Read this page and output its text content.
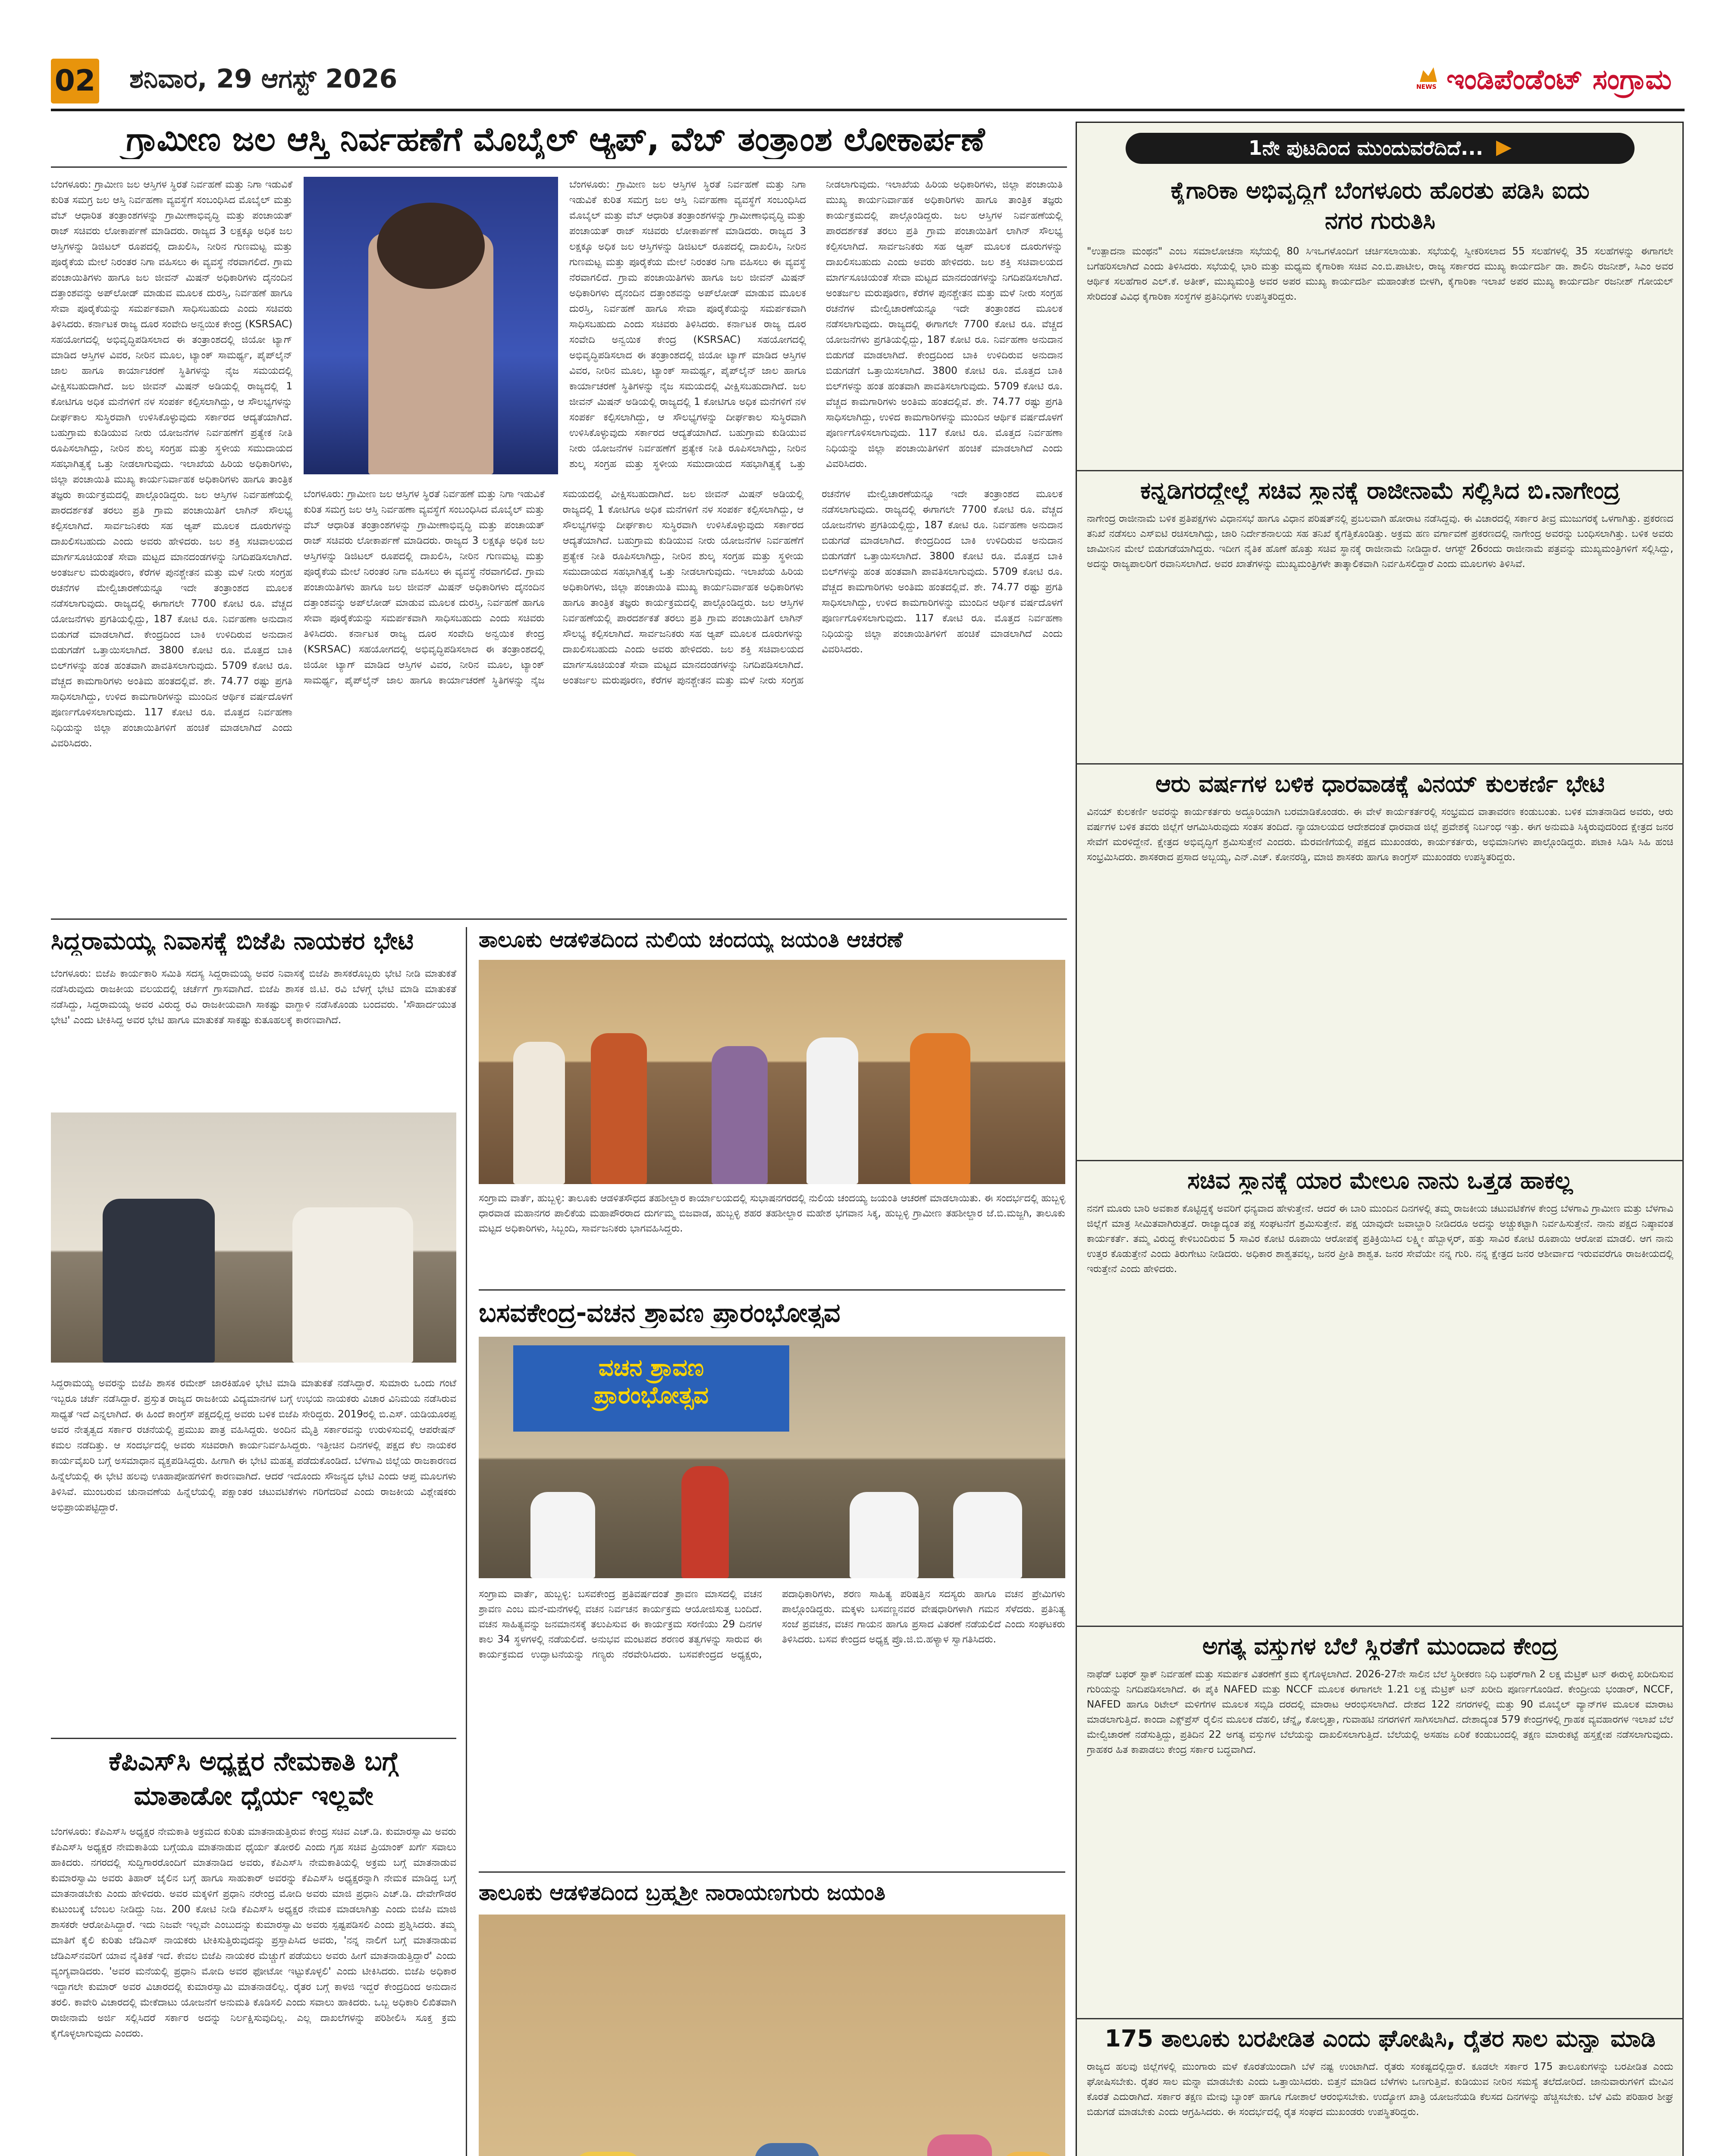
02 ಶನಿವಾರ, 29 ಆಗಸ್ಟ್ 2026
NEWS	ಇಂಡಿಪೆಂಡೆಂಟ್ ಸಂಗ್ರಾಮ
ಗ್ರಾಮೀಣ ಜಲ ಆಸ್ತಿ ನಿರ್ವಹಣೆಗೆ ಮೊಬೈಲ್ ಆ್ಯಪ್, ವೆಬ್ ತಂತ್ರಾಂಶ ಲೋಕಾರ್ಪಣೆ
ಬೆಂಗಳೂರು: ಗ್ರಾಮೀಣ ಜಲ ಆಸ್ತಿಗಳ ಸ್ಥಿರತೆ ನಿರ್ವಹಣೆ ಮತ್ತು ನಿಗಾ ಇಡುವಿಕೆ ಕುರಿತ ಸಮಗ್ರ ಜಲ ಆಸ್ತಿ ನಿರ್ವಹಣಾ ವ್ಯವಸ್ಥೆಗೆ ಸಂಬಂಧಿಸಿದ ಮೊಬೈಲ್ ಮತ್ತು ವೆಬ್ ಆಧಾರಿತ ತಂತ್ರಾಂಶಗಳನ್ನು ಗ್ರಾಮೀಣಾಭಿವೃದ್ಧಿ ಮತ್ತು ಪಂಚಾಯತ್ ರಾಜ್ ಸಚಿವರು ಲೋಕಾರ್ಪಣೆ ಮಾಡಿದರು. ರಾಜ್ಯದ 3 ಲಕ್ಷಕ್ಕೂ ಅಧಿಕ ಜಲ ಆಸ್ತಿಗಳನ್ನು ಡಿಜಿಟಲ್ ರೂಪದಲ್ಲಿ ದಾಖಲಿಸಿ, ನೀರಿನ ಗುಣಮಟ್ಟ ಮತ್ತು ಪೂರೈಕೆಯ ಮೇಲೆ ನಿರಂತರ ನಿಗಾ ವಹಿಸಲು ಈ ವ್ಯವಸ್ಥೆ ನೆರವಾಗಲಿದೆ. ಗ್ರಾಮ ಪಂಚಾಯಿತಿಗಳು ಹಾಗೂ ಜಲ ಜೀವನ್ ಮಿಷನ್ ಅಧಿಕಾರಿಗಳು ದೈನಂದಿನ ದತ್ತಾಂಶವನ್ನು ಅಪ್‌ಲೋಡ್ ಮಾಡುವ ಮೂಲಕ ದುರಸ್ತಿ, ನಿರ್ವಹಣೆ ಹಾಗೂ ಸೇವಾ ಪೂರೈಕೆಯನ್ನು ಸಮರ್ಪಕವಾಗಿ ಸಾಧಿಸಬಹುದು ಎಂದು ಸಚಿವರು ತಿಳಿಸಿದರು. ಕರ್ನಾಟಕ ರಾಜ್ಯ ದೂರ ಸಂವೇದಿ ಅನ್ವಯಿಕ ಕೇಂದ್ರ (KSRSAC) ಸಹಯೋಗದಲ್ಲಿ ಅಭಿವೃದ್ಧಿಪಡಿಸಲಾದ ಈ ತಂತ್ರಾಂಶದಲ್ಲಿ ಜಿಯೋ ಟ್ಯಾಗ್ ಮಾಡಿದ ಆಸ್ತಿಗಳ ವಿವರ, ನೀರಿನ ಮೂಲ, ಟ್ಯಾಂಕ್ ಸಾಮರ್ಥ್ಯ, ಪೈಪ್‌ಲೈನ್ ಜಾಲ ಹಾಗೂ ಕಾರ್ಯಾಚರಣೆ ಸ್ಥಿತಿಗಳನ್ನು ನೈಜ ಸಮಯದಲ್ಲಿ ವೀಕ್ಷಿಸಬಹುದಾಗಿದೆ. ಜಲ ಜೀವನ್ ಮಿಷನ್ ಅಡಿಯಲ್ಲಿ ರಾಜ್ಯದಲ್ಲಿ 1 ಕೋಟಿಗೂ ಅಧಿಕ ಮನೆಗಳಿಗೆ ನಳ ಸಂಪರ್ಕ ಕಲ್ಪಿಸಲಾಗಿದ್ದು, ಆ ಸೌಲಭ್ಯಗಳನ್ನು ದೀರ್ಘಕಾಲ ಸುಸ್ಥಿರವಾಗಿ ಉಳಿಸಿಕೊಳ್ಳುವುದು ಸರ್ಕಾರದ ಆದ್ಯತೆಯಾಗಿದೆ. ಬಹುಗ್ರಾಮ ಕುಡಿಯುವ ನೀರು ಯೋಜನೆಗಳ ನಿರ್ವಹಣೆಗೆ ಪ್ರತ್ಯೇಕ ನೀತಿ ರೂಪಿಸಲಾಗಿದ್ದು, ನೀರಿನ ಶುಲ್ಕ ಸಂಗ್ರಹ ಮತ್ತು ಸ್ಥಳೀಯ ಸಮುದಾಯದ ಸಹಭಾಗಿತ್ವಕ್ಕೆ ಒತ್ತು ನೀಡಲಾಗುವುದು. ಇಲಾಖೆಯ ಹಿರಿಯ ಅಧಿಕಾರಿಗಳು, ಜಿಲ್ಲಾ ಪಂಚಾಯಿತಿ ಮುಖ್ಯ ಕಾರ್ಯನಿರ್ವಾಹಕ ಅಧಿಕಾರಿಗಳು ಹಾಗೂ ತಾಂತ್ರಿಕ ತಜ್ಞರು ಕಾರ್ಯಕ್ರಮದಲ್ಲಿ ಪಾಲ್ಗೊಂಡಿದ್ದರು. ಜಲ ಆಸ್ತಿಗಳ ನಿರ್ವಹಣೆಯಲ್ಲಿ ಪಾರದರ್ಶಕತೆ ತರಲು ಪ್ರತಿ ಗ್ರಾಮ ಪಂಚಾಯಿತಿಗೆ ಲಾಗಿನ್ ಸೌಲಭ್ಯ ಕಲ್ಪಿಸಲಾಗಿದೆ. ಸಾರ್ವಜನಿಕರು ಸಹ ಆ್ಯಪ್ ಮೂಲಕ ದೂರುಗಳನ್ನು ದಾಖಲಿಸಬಹುದು ಎಂದು ಅವರು ಹೇಳಿದರು. ಜಲ ಶಕ್ತಿ ಸಚಿವಾಲಯದ ಮಾರ್ಗಸೂಚಿಯಂತೆ ಸೇವಾ ಮಟ್ಟದ ಮಾನದಂಡಗಳನ್ನು ನಿಗದಿಪಡಿಸಲಾಗಿದೆ. ಅಂತರ್ಜಲ ಮರುಪೂರಣ, ಕೆರೆಗಳ ಪುನಶ್ಚೇತನ ಮತ್ತು ಮಳೆ ನೀರು ಸಂಗ್ರಹ ರಚನೆಗಳ ಮೇಲ್ವಿಚಾರಣೆಯನ್ನೂ ಇದೇ ತಂತ್ರಾಂಶದ ಮೂಲಕ ನಡೆಸಲಾಗುವುದು. ರಾಜ್ಯದಲ್ಲಿ ಈಗಾಗಲೇ 7700 ಕೋಟಿ ರೂ. ವೆಚ್ಚದ ಯೋಜನೆಗಳು ಪ್ರಗತಿಯಲ್ಲಿದ್ದು, 187 ಕೋಟಿ ರೂ. ನಿರ್ವಹಣಾ ಅನುದಾನ ಬಿಡುಗಡೆ ಮಾಡಲಾಗಿದೆ. ಕೇಂದ್ರದಿಂದ ಬಾಕಿ ಉಳಿದಿರುವ ಅನುದಾನ ಬಿಡುಗಡೆಗೆ ಒತ್ತಾಯಿಸಲಾಗಿದೆ. 3800 ಕೋಟಿ ರೂ. ಮೊತ್ತದ ಬಾಕಿ ಬಿಲ್‌ಗಳನ್ನು ಹಂತ ಹಂತವಾಗಿ ಪಾವತಿಸಲಾಗುವುದು. 5709 ಕೋಟಿ ರೂ. ವೆಚ್ಚದ ಕಾಮಗಾರಿಗಳು ಅಂತಿಮ ಹಂತದಲ್ಲಿವೆ. ಶೇ. 74.77 ರಷ್ಟು ಪ್ರಗತಿ ಸಾಧಿಸಲಾಗಿದ್ದು, ಉಳಿದ ಕಾಮಗಾರಿಗಳನ್ನು ಮುಂದಿನ ಆರ್ಥಿಕ ವರ್ಷದೊಳಗೆ ಪೂರ್ಣಗೊಳಿಸಲಾಗುವುದು. 117 ಕೋಟಿ ರೂ. ಮೊತ್ತದ ನಿರ್ವಹಣಾ ನಿಧಿಯನ್ನು ಜಿಲ್ಲಾ ಪಂಚಾಯಿತಿಗಳಿಗೆ ಹಂಚಿಕೆ ಮಾಡಲಾಗಿದೆ ಎಂದು ವಿವರಿಸಿದರು.
ಬೆಂಗಳೂರು: ಗ್ರಾಮೀಣ ಜಲ ಆಸ್ತಿಗಳ ಸ್ಥಿರತೆ ನಿರ್ವಹಣೆ ಮತ್ತು ನಿಗಾ ಇಡುವಿಕೆ ಕುರಿತ ಸಮಗ್ರ ಜಲ ಆಸ್ತಿ ನಿರ್ವಹಣಾ ವ್ಯವಸ್ಥೆಗೆ ಸಂಬಂಧಿಸಿದ ಮೊಬೈಲ್ ಮತ್ತು ವೆಬ್ ಆಧಾರಿತ ತಂತ್ರಾಂಶಗಳನ್ನು ಗ್ರಾಮೀಣಾಭಿವೃದ್ಧಿ ಮತ್ತು ಪಂಚಾಯತ್ ರಾಜ್ ಸಚಿವರು ಲೋಕಾರ್ಪಣೆ ಮಾಡಿದರು. ರಾಜ್ಯದ 3 ಲಕ್ಷಕ್ಕೂ ಅಧಿಕ ಜಲ ಆಸ್ತಿಗಳನ್ನು ಡಿಜಿಟಲ್ ರೂಪದಲ್ಲಿ ದಾಖಲಿಸಿ, ನೀರಿನ ಗುಣಮಟ್ಟ ಮತ್ತು ಪೂರೈಕೆಯ ಮೇಲೆ ನಿರಂತರ ನಿಗಾ ವಹಿಸಲು ಈ ವ್ಯವಸ್ಥೆ ನೆರವಾಗಲಿದೆ. ಗ್ರಾಮ ಪಂಚಾಯಿತಿಗಳು ಹಾಗೂ ಜಲ ಜೀವನ್ ಮಿಷನ್ ಅಧಿಕಾರಿಗಳು ದೈನಂದಿನ ದತ್ತಾಂಶವನ್ನು ಅಪ್‌ಲೋಡ್ ಮಾಡುವ ಮೂಲಕ ದುರಸ್ತಿ, ನಿರ್ವಹಣೆ ಹಾಗೂ ಸೇವಾ ಪೂರೈಕೆಯನ್ನು ಸಮರ್ಪಕವಾಗಿ ಸಾಧಿಸಬಹುದು ಎಂದು ಸಚಿವರು ತಿಳಿಸಿದರು. ಕರ್ನಾಟಕ ರಾಜ್ಯ ದೂರ ಸಂವೇದಿ ಅನ್ವಯಿಕ ಕೇಂದ್ರ (KSRSAC) ಸಹಯೋಗದಲ್ಲಿ ಅಭಿವೃದ್ಧಿಪಡಿಸಲಾದ ಈ ತಂತ್ರಾಂಶದಲ್ಲಿ ಜಿಯೋ ಟ್ಯಾಗ್ ಮಾಡಿದ ಆಸ್ತಿಗಳ ವಿವರ, ನೀರಿನ ಮೂಲ, ಟ್ಯಾಂಕ್ ಸಾಮರ್ಥ್ಯ, ಪೈಪ್‌ಲೈನ್ ಜಾಲ ಹಾಗೂ ಕಾರ್ಯಾಚರಣೆ ಸ್ಥಿತಿಗಳನ್ನು ನೈಜ ಸಮಯದಲ್ಲಿ ವೀಕ್ಷಿಸಬಹುದಾಗಿದೆ. ಜಲ ಜೀವನ್ ಮಿಷನ್ ಅಡಿಯಲ್ಲಿ ರಾಜ್ಯದಲ್ಲಿ 1 ಕೋಟಿಗೂ ಅಧಿಕ ಮನೆಗಳಿಗೆ ನಳ ಸಂಪರ್ಕ ಕಲ್ಪಿಸಲಾಗಿದ್ದು, ಆ ಸೌಲಭ್ಯಗಳನ್ನು ದೀರ್ಘಕಾಲ ಸುಸ್ಥಿರವಾಗಿ ಉಳಿಸಿಕೊಳ್ಳುವುದು ಸರ್ಕಾರದ ಆದ್ಯತೆಯಾಗಿದೆ. ಬಹುಗ್ರಾಮ ಕುಡಿಯುವ ನೀರು ಯೋಜನೆಗಳ ನಿರ್ವಹಣೆಗೆ ಪ್ರತ್ಯೇಕ ನೀತಿ ರೂಪಿಸಲಾಗಿದ್ದು, ನೀರಿನ ಶುಲ್ಕ ಸಂಗ್ರಹ ಮತ್ತು ಸ್ಥಳೀಯ ಸಮುದಾಯದ ಸಹಭಾಗಿತ್ವಕ್ಕೆ ಒತ್ತು ನೀಡಲಾಗುವುದು. ಇಲಾಖೆಯ ಹಿರಿಯ ಅಧಿಕಾರಿಗಳು, ಜಿಲ್ಲಾ ಪಂಚಾಯಿತಿ ಮುಖ್ಯ ಕಾರ್ಯನಿರ್ವಾಹಕ ಅಧಿಕಾರಿಗಳು ಹಾಗೂ ತಾಂತ್ರಿಕ ತಜ್ಞರು ಕಾರ್ಯಕ್ರಮದಲ್ಲಿ ಪಾಲ್ಗೊಂಡಿದ್ದರು. ಜಲ ಆಸ್ತಿಗಳ ನಿರ್ವಹಣೆಯಲ್ಲಿ ಪಾರದರ್ಶಕತೆ ತರಲು ಪ್ರತಿ ಗ್ರಾಮ ಪಂಚಾಯಿತಿಗೆ ಲಾಗಿನ್ ಸೌಲಭ್ಯ ಕಲ್ಪಿಸಲಾಗಿದೆ. ಸಾರ್ವಜನಿಕರು ಸಹ ಆ್ಯಪ್ ಮೂಲಕ ದೂರುಗಳನ್ನು ದಾಖಲಿಸಬಹುದು ಎಂದು ಅವರು ಹೇಳಿದರು. ಜಲ ಶಕ್ತಿ ಸಚಿವಾಲಯದ ಮಾರ್ಗಸೂಚಿಯಂತೆ ಸೇವಾ ಮಟ್ಟದ ಮಾನದಂಡಗಳನ್ನು ನಿಗದಿಪಡಿಸಲಾಗಿದೆ. ಅಂತರ್ಜಲ ಮರುಪೂರಣ, ಕೆರೆಗಳ ಪುನಶ್ಚೇತನ ಮತ್ತು ಮಳೆ ನೀರು ಸಂಗ್ರಹ ರಚನೆಗಳ ಮೇಲ್ವಿಚಾರಣೆಯನ್ನೂ ಇದೇ ತಂತ್ರಾಂಶದ ಮೂಲಕ ನಡೆಸಲಾಗುವುದು. ರಾಜ್ಯದಲ್ಲಿ ಈಗಾಗಲೇ 7700 ಕೋಟಿ ರೂ. ವೆಚ್ಚದ ಯೋಜನೆಗಳು ಪ್ರಗತಿಯಲ್ಲಿದ್ದು, 187 ಕೋಟಿ ರೂ. ನಿರ್ವಹಣಾ ಅನುದಾನ ಬಿಡುಗಡೆ ಮಾಡಲಾಗಿದೆ. ಕೇಂದ್ರದಿಂದ ಬಾಕಿ ಉಳಿದಿರುವ ಅನುದಾನ ಬಿಡುಗಡೆಗೆ ಒತ್ತಾಯಿಸಲಾಗಿದೆ. 3800 ಕೋಟಿ ರೂ. ಮೊತ್ತದ ಬಾಕಿ ಬಿಲ್‌ಗಳನ್ನು ಹಂತ ಹಂತವಾಗಿ ಪಾವತಿಸಲಾಗುವುದು. 5709 ಕೋಟಿ ರೂ. ವೆಚ್ಚದ ಕಾಮಗಾರಿಗಳು ಅಂತಿಮ ಹಂತದಲ್ಲಿವೆ. ಶೇ. 74.77 ರಷ್ಟು ಪ್ರಗತಿ ಸಾಧಿಸಲಾಗಿದ್ದು, ಉಳಿದ ಕಾಮಗಾರಿಗಳನ್ನು ಮುಂದಿನ ಆರ್ಥಿಕ ವರ್ಷದೊಳಗೆ ಪೂರ್ಣಗೊಳಿಸಲಾಗುವುದು. 117 ಕೋಟಿ ರೂ. ಮೊತ್ತದ ನಿರ್ವಹಣಾ ನಿಧಿಯನ್ನು ಜಿಲ್ಲಾ ಪಂಚಾಯಿತಿಗಳಿಗೆ ಹಂಚಿಕೆ ಮಾಡಲಾಗಿದೆ ಎಂದು ವಿವರಿಸಿದರು.
ಬೆಂಗಳೂರು: ಗ್ರಾಮೀಣ ಜಲ ಆಸ್ತಿಗಳ ಸ್ಥಿರತೆ ನಿರ್ವಹಣೆ ಮತ್ತು ನಿಗಾ ಇಡುವಿಕೆ ಕುರಿತ ಸಮಗ್ರ ಜಲ ಆಸ್ತಿ ನಿರ್ವಹಣಾ ವ್ಯವಸ್ಥೆಗೆ ಸಂಬಂಧಿಸಿದ ಮೊಬೈಲ್ ಮತ್ತು ವೆಬ್ ಆಧಾರಿತ ತಂತ್ರಾಂಶಗಳನ್ನು ಗ್ರಾಮೀಣಾಭಿವೃದ್ಧಿ ಮತ್ತು ಪಂಚಾಯತ್ ರಾಜ್ ಸಚಿವರು ಲೋಕಾರ್ಪಣೆ ಮಾಡಿದರು. ರಾಜ್ಯದ 3 ಲಕ್ಷಕ್ಕೂ ಅಧಿಕ ಜಲ ಆಸ್ತಿಗಳನ್ನು ಡಿಜಿಟಲ್ ರೂಪದಲ್ಲಿ ದಾಖಲಿಸಿ, ನೀರಿನ ಗುಣಮಟ್ಟ ಮತ್ತು ಪೂರೈಕೆಯ ಮೇಲೆ ನಿರಂತರ ನಿಗಾ ವಹಿಸಲು ಈ ವ್ಯವಸ್ಥೆ ನೆರವಾಗಲಿದೆ. ಗ್ರಾಮ ಪಂಚಾಯಿತಿಗಳು ಹಾಗೂ ಜಲ ಜೀವನ್ ಮಿಷನ್ ಅಧಿಕಾರಿಗಳು ದೈನಂದಿನ ದತ್ತಾಂಶವನ್ನು ಅಪ್‌ಲೋಡ್ ಮಾಡುವ ಮೂಲಕ ದುರಸ್ತಿ, ನಿರ್ವಹಣೆ ಹಾಗೂ ಸೇವಾ ಪೂರೈಕೆಯನ್ನು ಸಮರ್ಪಕವಾಗಿ ಸಾಧಿಸಬಹುದು ಎಂದು ಸಚಿವರು ತಿಳಿಸಿದರು. ಕರ್ನಾಟಕ ರಾಜ್ಯ ದೂರ ಸಂವೇದಿ ಅನ್ವಯಿಕ ಕೇಂದ್ರ (KSRSAC) ಸಹಯೋಗದಲ್ಲಿ ಅಭಿವೃದ್ಧಿಪಡಿಸಲಾದ ಈ ತಂತ್ರಾಂಶದಲ್ಲಿ ಜಿಯೋ ಟ್ಯಾಗ್ ಮಾಡಿದ ಆಸ್ತಿಗಳ ವಿವರ, ನೀರಿನ ಮೂಲ, ಟ್ಯಾಂಕ್ ಸಾಮರ್ಥ್ಯ, ಪೈಪ್‌ಲೈನ್ ಜಾಲ ಹಾಗೂ ಕಾರ್ಯಾಚರಣೆ ಸ್ಥಿತಿಗಳನ್ನು ನೈಜ ಸಮಯದಲ್ಲಿ ವೀಕ್ಷಿಸಬಹುದಾಗಿದೆ. ಜಲ ಜೀವನ್ ಮಿಷನ್ ಅಡಿಯಲ್ಲಿ ರಾಜ್ಯದಲ್ಲಿ 1 ಕೋಟಿಗೂ ಅಧಿಕ ಮನೆಗಳಿಗೆ ನಳ ಸಂಪರ್ಕ ಕಲ್ಪಿಸಲಾಗಿದ್ದು, ಆ ಸೌಲಭ್ಯಗಳನ್ನು ದೀರ್ಘಕಾಲ ಸುಸ್ಥಿರವಾಗಿ ಉಳಿಸಿಕೊಳ್ಳುವುದು ಸರ್ಕಾರದ ಆದ್ಯತೆಯಾಗಿದೆ. ಬಹುಗ್ರಾಮ ಕುಡಿಯುವ ನೀರು ಯೋಜನೆಗಳ ನಿರ್ವಹಣೆಗೆ ಪ್ರತ್ಯೇಕ ನೀತಿ ರೂಪಿಸಲಾಗಿದ್ದು, ನೀರಿನ ಶುಲ್ಕ ಸಂಗ್ರಹ ಮತ್ತು ಸ್ಥಳೀಯ ಸಮುದಾಯದ ಸಹಭಾಗಿತ್ವಕ್ಕೆ ಒತ್ತು ನೀಡಲಾಗುವುದು. ಇಲಾಖೆಯ ಹಿರಿಯ ಅಧಿಕಾರಿಗಳು, ಜಿಲ್ಲಾ ಪಂಚಾಯಿತಿ ಮುಖ್ಯ ಕಾರ್ಯನಿರ್ವಾಹಕ ಅಧಿಕಾರಿಗಳು ಹಾಗೂ ತಾಂತ್ರಿಕ ತಜ್ಞರು ಕಾರ್ಯಕ್ರಮದಲ್ಲಿ ಪಾಲ್ಗೊಂಡಿದ್ದರು. ಜಲ ಆಸ್ತಿಗಳ ನಿರ್ವಹಣೆಯಲ್ಲಿ ಪಾರದರ್ಶಕತೆ ತರಲು ಪ್ರತಿ ಗ್ರಾಮ ಪಂಚಾಯಿತಿಗೆ ಲಾಗಿನ್ ಸೌಲಭ್ಯ ಕಲ್ಪಿಸಲಾಗಿದೆ. ಸಾರ್ವಜನಿಕರು ಸಹ ಆ್ಯಪ್ ಮೂಲಕ ದೂರುಗಳನ್ನು ದಾಖಲಿಸಬಹುದು ಎಂದು ಅವರು ಹೇಳಿದರು. ಜಲ ಶಕ್ತಿ ಸಚಿವಾಲಯದ ಮಾರ್ಗಸೂಚಿಯಂತೆ ಸೇವಾ ಮಟ್ಟದ ಮಾನದಂಡಗಳನ್ನು ನಿಗದಿಪಡಿಸಲಾಗಿದೆ. ಅಂತರ್ಜಲ ಮರುಪೂರಣ, ಕೆರೆಗಳ ಪುನಶ್ಚೇತನ ಮತ್ತು ಮಳೆ ನೀರು ಸಂಗ್ರಹ ರಚನೆಗಳ ಮೇಲ್ವಿಚಾರಣೆಯನ್ನೂ ಇದೇ ತಂತ್ರಾಂಶದ ಮೂಲಕ ನಡೆಸಲಾಗುವುದು. ರಾಜ್ಯದಲ್ಲಿ ಈಗಾಗಲೇ 7700 ಕೋಟಿ ರೂ. ವೆಚ್ಚದ ಯೋಜನೆಗಳು ಪ್ರಗತಿಯಲ್ಲಿದ್ದು, 187 ಕೋಟಿ ರೂ. ನಿರ್ವಹಣಾ ಅನುದಾನ ಬಿಡುಗಡೆ ಮಾಡಲಾಗಿದೆ. ಕೇಂದ್ರದಿಂದ ಬಾಕಿ ಉಳಿದಿರುವ ಅನುದಾನ ಬಿಡುಗಡೆಗೆ ಒತ್ತಾಯಿಸಲಾಗಿದೆ. 3800 ಕೋಟಿ ರೂ. ಮೊತ್ತದ ಬಾಕಿ ಬಿಲ್‌ಗಳನ್ನು ಹಂತ ಹಂತವಾಗಿ ಪಾವತಿಸಲಾಗುವುದು. 5709 ಕೋಟಿ ರೂ. ವೆಚ್ಚದ ಕಾಮಗಾರಿಗಳು ಅಂತಿಮ ಹಂತದಲ್ಲಿವೆ. ಶೇ. 74.77 ರಷ್ಟು ಪ್ರಗತಿ ಸಾಧಿಸಲಾಗಿದ್ದು, ಉಳಿದ ಕಾಮಗಾರಿಗಳನ್ನು ಮುಂದಿನ ಆರ್ಥಿಕ ವರ್ಷದೊಳಗೆ ಪೂರ್ಣಗೊಳಿಸಲಾಗುವುದು. 117 ಕೋಟಿ ರೂ. ಮೊತ್ತದ ನಿರ್ವಹಣಾ ನಿಧಿಯನ್ನು ಜಿಲ್ಲಾ ಪಂಚಾಯಿತಿಗಳಿಗೆ ಹಂಚಿಕೆ ಮಾಡಲಾಗಿದೆ ಎಂದು ವಿವರಿಸಿದರು.
ಸಿದ್ದರಾಮಯ್ಯ ನಿವಾಸಕ್ಕೆ ಬಿಜೆಪಿ ನಾಯಕರ ಭೇಟಿ
ಬೆಂಗಳೂರು: ಬಿಜೆಪಿ ಕಾರ್ಯಕಾರಿ ಸಮಿತಿ ಸದಸ್ಯ ಸಿದ್ದರಾಮಯ್ಯ ಅವರ ನಿವಾಸಕ್ಕೆ ಬಿಜೆಪಿ ಶಾಸಕರೊಬ್ಬರು ಭೇಟಿ ನೀಡಿ ಮಾತುಕತೆ ನಡೆಸಿರುವುದು ರಾಜಕೀಯ ವಲಯದಲ್ಲಿ ಚರ್ಚೆಗೆ ಗ್ರಾಸವಾಗಿದೆ. ಬಿಜೆಪಿ ಶಾಸಕ ಜಿ.ಟಿ. ರವಿ ಬೆಳಗ್ಗೆ ಭೇಟಿ ಮಾಡಿ ಮಾತುಕತೆ ನಡೆಸಿದ್ದು, ಸಿದ್ದರಾಮಯ್ಯ ಅವರ ವಿರುದ್ಧ ರವಿ ರಾಜಕೀಯವಾಗಿ ಸಾಕಷ್ಟು ವಾಗ್ದಾಳಿ ನಡೆಸಿಕೊಂಡು ಬಂದವರು. 'ಸೌಹಾರ್ದಯುತ ಭೇಟಿ' ಎಂದು ಟೀಕಿಸಿದ್ದ ಅವರ ಭೇಟಿ ಹಾಗೂ ಮಾತುಕತೆ ಸಾಕಷ್ಟು ಕುತೂಹಲಕ್ಕೆ ಕಾರಣವಾಗಿದೆ.
ಸಿದ್ದರಾಮಯ್ಯ ಅವರನ್ನು ಬಿಜೆಪಿ ಶಾಸಕ ರಮೇಶ್ ಜಾರಕಿಹೊಳಿ ಭೇಟಿ ಮಾಡಿ ಮಾತುಕತೆ ನಡೆಸಿದ್ದಾರೆ. ಸುಮಾರು ಒಂದು ಗಂಟೆ ಇಬ್ಬರೂ ಚರ್ಚೆ ನಡೆಸಿದ್ದಾರೆ. ಪ್ರಸ್ತುತ ರಾಜ್ಯದ ರಾಜಕೀಯ ವಿದ್ಯಮಾನಗಳ ಬಗ್ಗೆ ಉಭಯ ನಾಯಕರು ವಿಚಾರ ವಿನಿಮಯ ನಡೆಸಿರುವ ಸಾಧ್ಯತೆ ಇದೆ ಎನ್ನಲಾಗಿದೆ. ಈ ಹಿಂದೆ ಕಾಂಗ್ರೆಸ್ ಪಕ್ಷದಲ್ಲಿದ್ದ ಅವರು ಬಳಿಕ ಬಿಜೆಪಿ ಸೇರಿದ್ದರು. 2019ರಲ್ಲಿ ಬಿ.ಎಸ್. ಯಡಿಯೂರಪ್ಪ ಅವರ ನೇತೃತ್ವದ ಸರ್ಕಾರ ರಚನೆಯಲ್ಲಿ ಪ್ರಮುಖ ಪಾತ್ರ ವಹಿಸಿದ್ದರು. ಅಂದಿನ ಮೈತ್ರಿ ಸರ್ಕಾರವನ್ನು ಉರುಳಿಸುವಲ್ಲಿ ಆಪರೇಷನ್ ಕಮಲ ನಡೆದಿತ್ತು. ಆ ಸಂದರ್ಭದಲ್ಲಿ ಅವರು ಸಚಿವರಾಗಿ ಕಾರ್ಯನಿರ್ವಹಿಸಿದ್ದರು. ಇತ್ತೀಚಿನ ದಿನಗಳಲ್ಲಿ ಪಕ್ಷದ ಕೆಲ ನಾಯಕರ ಕಾರ್ಯವೈಖರಿ ಬಗ್ಗೆ ಅಸಮಾಧಾನ ವ್ಯಕ್ತಪಡಿಸಿದ್ದರು. ಹೀಗಾಗಿ ಈ ಭೇಟಿ ಮಹತ್ವ ಪಡೆದುಕೊಂಡಿದೆ. ಬೆಳಗಾವಿ ಜಿಲ್ಲೆಯ ರಾಜಕಾರಣದ ಹಿನ್ನೆಲೆಯಲ್ಲಿ ಈ ಭೇಟಿ ಹಲವು ಊಹಾಪೋಹಗಳಿಗೆ ಕಾರಣವಾಗಿದೆ. ಆದರೆ ಇದೊಂದು ಸೌಜನ್ಯದ ಭೇಟಿ ಎಂದು ಆಪ್ತ ಮೂಲಗಳು ತಿಳಿಸಿವೆ. ಮುಂಬರುವ ಚುನಾವಣೆಯ ಹಿನ್ನೆಲೆಯಲ್ಲಿ ಪಕ್ಷಾಂತರ ಚಟುವಟಿಕೆಗಳು ಗರಿಗೆದರಿವೆ ಎಂದು ರಾಜಕೀಯ ವಿಶ್ಲೇಷಕರು ಅಭಿಪ್ರಾಯಪಟ್ಟಿದ್ದಾರೆ.
ಕೆಪಿಎಸ್‌ಸಿ ಅಧ್ಯಕ್ಷರ ನೇಮಕಾತಿ ಬಗ್ಗೆ
ಮಾತಾಡೋ ಧೈರ್ಯ ಇಲ್ಲವೇ
ಬೆಂಗಳೂರು: ಕೆಪಿಎಸ್‌ಸಿ ಅಧ್ಯಕ್ಷರ ನೇಮಕಾತಿ ಅಕ್ರಮದ ಕುರಿತು ಮಾತನಾಡುತ್ತಿರುವ ಕೇಂದ್ರ ಸಚಿವ ಎಚ್.ಡಿ. ಕುಮಾರಸ್ವಾಮಿ ಅವರು ಕೆಪಿಎಸ್‌ಸಿ ಅಧ್ಯಕ್ಷರ ನೇಮಕಾತಿಯ ಬಗ್ಗೆಯೂ ಮಾತನಾಡುವ ಧೈರ್ಯ ತೋರಲಿ ಎಂದು ಗೃಹ ಸಚಿವ ಪ್ರಿಯಾಂಕ್ ಖರ್ಗೆ ಸವಾಲು ಹಾಕಿದರು. ನಗರದಲ್ಲಿ ಸುದ್ದಿಗಾರರೊಂದಿಗೆ ಮಾತನಾಡಿದ ಅವರು, ಕೆಪಿಎಸ್‌ಸಿ ನೇಮಕಾತಿಯಲ್ಲಿ ಅಕ್ರಮ ಬಗ್ಗೆ ಮಾತನಾಡುವ ಕುಮಾರಸ್ವಾಮಿ ಅವರು ತಿಹಾರ್ ಜೈಲಿನ ಬಗ್ಗೆ ಹಾಗೂ ಸಾಹುಕಾರ್ ಅವರನ್ನು ಕೆಪಿಎಸ್‌ಸಿ ಅಧ್ಯಕ್ಷರನ್ನಾಗಿ ನೇಮಕ ಮಾಡಿದ್ದ ಬಗ್ಗೆ ಮಾತನಾಡಬೇಕು ಎಂದು ಹೇಳಿದರು. ಅವರ ಮಕ್ಕಳಿಗೆ ಪ್ರಧಾನಿ ನರೇಂದ್ರ ಮೋದಿ ಅವರು ಮಾಜಿ ಪ್ರಧಾನಿ ಎಚ್.ಡಿ. ದೇವೇಗೌಡರ ಕುಟುಂಬಕ್ಕೆ ಬೆಂಬಲ ನೀಡಿದ್ದು ನಿಜ. 200 ಕೋಟಿ ನೀಡಿ ಕೆಪಿಎಸ್‌ಸಿ ಅಧ್ಯಕ್ಷರ ನೇಮಕ ಮಾಡಲಾಗಿತ್ತು ಎಂದು ಬಿಜೆಪಿ ಮಾಜಿ ಶಾಸಕರೇ ಆರೋಪಿಸಿದ್ದಾರೆ. ಇದು ನಿಜವೇ ಇಲ್ಲವೇ ಎಂಬುದನ್ನು ಕುಮಾರಸ್ವಾಮಿ ಅವರು ಸ್ಪಷ್ಟಪಡಿಸಲಿ ಎಂದು ಪ್ರಶ್ನಿಸಿದರು. ತಮ್ಮ ಮಾತಿಗೆ ಕೈಲಿ ಕುರಿತು ಜೆಡಿಎಸ್ ನಾಯಕರು ಟೀಕಿಸುತ್ತಿರುವುದನ್ನು ಪ್ರಸ್ತಾಪಿಸಿದ ಅವರು, 'ನನ್ನ ನಾಲಿಗೆ ಬಗ್ಗೆ ಮಾತನಾಡುವ ಜೆಡಿಎಸ್‌ನವರಿಗೆ ಯಾವ ನೈತಿಕತೆ ಇದೆ. ಕೇವಲ ಬಿಜೆಪಿ ನಾಯಕರ ಮೆಚ್ಚುಗೆ ಪಡೆಯಲು ಅವರು ಹೀಗೆ ಮಾತನಾಡುತ್ತಿದ್ದಾರೆ' ಎಂದು ವ್ಯಂಗ್ಯವಾಡಿದರು. 'ಅವರ ಮನೆಯಲ್ಲಿ ಪ್ರಧಾನಿ ಮೋದಿ ಅವರ ಫೋಟೋ ಇಟ್ಟುಕೊಳ್ಳಲಿ' ಎಂದು ಟೀಕಿಸಿದರು. ಬಿಜೆಪಿ ಅಧಿಕಾರ ಇದ್ದಾಗಲೇ ಕುಮಾರ್ ಅವರ ವಿಚಾರದಲ್ಲಿ ಕುಮಾರಸ್ವಾಮಿ ಮಾತನಾಡಲಿಲ್ಲ. ರೈತರ ಬಗ್ಗೆ ಕಾಳಜಿ ಇದ್ದರೆ ಕೇಂದ್ರದಿಂದ ಅನುದಾನ ತರಲಿ. ಕಾವೇರಿ ವಿಚಾರದಲ್ಲಿ ಮೇಕೆದಾಟು ಯೋಜನೆಗೆ ಅನುಮತಿ ಕೊಡಿಸಲಿ ಎಂದು ಸವಾಲು ಹಾಕಿದರು. ಒಬ್ಬ ಅಧಿಕಾರಿ ಲಿಖಿತವಾಗಿ ರಾಜೀನಾಮೆ ಅರ್ಜಿ ಸಲ್ಲಿಸಿದರೆ ಸರ್ಕಾರ ಅದನ್ನು ನಿರ್ಲಕ್ಷಿಸುವುದಿಲ್ಲ. ಎಲ್ಲ ದಾಖಲೆಗಳನ್ನು ಪರಿಶೀಲಿಸಿ ಸೂಕ್ತ ಕ್ರಮ ಕೈಗೊಳ್ಳಲಾಗುವುದು ಎಂದರು.
ತಾಲೂಕು ಆಡಳಿತದಿಂದ ನುಲಿಯ ಚಂದಯ್ಯ ಜಯಂತಿ ಆಚರಣೆ
ಸಂಗ್ರಾಮ ವಾರ್ತೆ, ಹುಬ್ಬಳ್ಳಿ: ತಾಲೂಕು ಆಡಳಿತಸೌಧದ ತಹಶೀಲ್ದಾರ ಕಾರ್ಯಾಲಯದಲ್ಲಿ ಸುಭಾಷನಗರದಲ್ಲಿ ನುಲಿಯ ಚಂದಯ್ಯ ಜಯಂತಿ ಆಚರಣೆ ಮಾಡಲಾಯಿತು. ಈ ಸಂದರ್ಭದಲ್ಲಿ ಹುಬ್ಬಳ್ಳಿ ಧಾರವಾಡ ಮಹಾನಗರ ಪಾಲಿಕೆಯ ಮಹಾಪೌರರಾದ ದುರ್ಗಮ್ಮ ಬಿಜವಾಡ, ಹುಬ್ಬಳ್ಳಿ ಶಹರ ತಹಶೀಲ್ದಾರ ಮಹೇಶ ಭಗವಾನ ಸಿಕ್ಕ, ಹುಬ್ಬಳ್ಳಿ ಗ್ರಾಮೀಣ ತಹಶೀಲ್ದಾರ ಜೆ.ಬಿ.ಮಜ್ಜಗಿ, ತಾಲೂಕು ಮಟ್ಟದ ಅಧಿಕಾರಿಗಳು, ಸಿಬ್ಬಂದಿ, ಸಾರ್ವಜನಿಕರು ಭಾಗವಹಿಸಿದ್ದರು.
ಬಸವಕೇಂದ್ರ-ವಚನ ಶ್ರಾವಣ ಪ್ರಾರಂಭೋತ್ಸವ
ವಚನ ಶ್ರಾವಣ
ಪ್ರಾರಂಭೋತ್ಸವ
ಸಂಗ್ರಾಮ ವಾರ್ತೆ, ಹುಬ್ಬಳ್ಳಿ: ಬಸವಕೇಂದ್ರ ಪ್ರತಿವರ್ಷದಂತೆ ಶ್ರಾವಣ ಮಾಸದಲ್ಲಿ ವಚನ ಶ್ರಾವಣ ಎಂಬ ಮನೆ-ಮನೆಗಳಲ್ಲಿ ವಚನ ನಿರ್ವಚನ ಕಾರ್ಯಕ್ರಮ ಆಯೋಜಿಸುತ್ತ ಬಂದಿದೆ. ವಚನ ಸಾಹಿತ್ಯವನ್ನು ಜನಮಾನಸಕ್ಕೆ ತಲುಪಿಸುವ ಈ ಕಾರ್ಯಕ್ರಮ ಸರಣಿಯು 29 ದಿನಗಳ ಕಾಲ 34 ಸ್ಥಳಗಳಲ್ಲಿ ನಡೆಯಲಿದೆ. ಅನುಭವ ಮಂಟಪದ ಶರಣರ ತತ್ವಗಳನ್ನು ಸಾರುವ ಈ ಕಾರ್ಯಕ್ರಮದ ಉದ್ಘಾಟನೆಯನ್ನು ಗಣ್ಯರು ನೆರವೇರಿಸಿದರು. ಬಸವಕೇಂದ್ರದ ಅಧ್ಯಕ್ಷರು, ಪದಾಧಿಕಾರಿಗಳು, ಶರಣ ಸಾಹಿತ್ಯ ಪರಿಷತ್ತಿನ ಸದಸ್ಯರು ಹಾಗೂ ವಚನ ಪ್ರೇಮಿಗಳು ಪಾಲ್ಗೊಂಡಿದ್ದರು. ಮಕ್ಕಳು ಬಸವಣ್ಣನವರ ವೇಷಧಾರಿಗಳಾಗಿ ಗಮನ ಸೆಳೆದರು. ಪ್ರತಿನಿತ್ಯ ಸಂಜೆ ಪ್ರವಚನ, ವಚನ ಗಾಯನ ಹಾಗೂ ಪ್ರಸಾದ ವಿತರಣೆ ನಡೆಯಲಿದೆ ಎಂದು ಸಂಘಟಕರು ತಿಳಿಸಿದರು. ಬಸವ ಕೇಂದ್ರದ ಅಧ್ಯಕ್ಷ ಪ್ರೊ.ಜಿ.ಬಿ.ಹಳ್ಯಾಳ ಸ್ವಾಗತಿಸಿದರು.
ತಾಲೂಕು ಆಡಳಿತದಿಂದ ಬ್ರಹ್ಮಶ್ರೀ ನಾರಾಯಣಗುರು ಜಯಂತಿ
1ನೇ ಪುಟದಿಂದ ಮುಂದುವರೆದಿದೆ...
ಕೈಗಾರಿಕಾ ಅಭಿವೃದ್ಧಿಗೆ ಬೆಂಗಳೂರು ಹೊರತು ಪಡಿಸಿ ಐದು
ನಗರ ಗುರುತಿಸಿ
"ಉತ್ಪಾದನಾ ಮಂಥನ" ಎಂಬ ಸಮಾಲೋಚನಾ ಸಭೆಯಲ್ಲಿ 80 ಸಿಇಒಗಳೊಂದಿಗೆ ಚರ್ಚಿಸಲಾಯಿತು. ಸಭೆಯಲ್ಲಿ ಸ್ವೀಕರಿಸಲಾದ 55 ಸಲಹೆಗಳಲ್ಲಿ 35 ಸಲಹೆಗಳನ್ನು ಈಗಾಗಲೇ ಬಗೆಹರಿಸಲಾಗಿದೆ ಎಂದು ತಿಳಿಸಿದರು. ಸಭೆಯಲ್ಲಿ ಭಾರಿ ಮತ್ತು ಮಧ್ಯಮ ಕೈಗಾರಿಕಾ ಸಚಿವ ಎಂ.ಬಿ.ಪಾಟೀಲ, ರಾಜ್ಯ ಸರ್ಕಾರದ ಮುಖ್ಯ ಕಾರ್ಯದರ್ಶಿ ಡಾ. ಶಾಲಿನಿ ರಜನೀಶ್, ಸಿಎಂ ಅವರ ಆರ್ಥಿಕ ಸಲಹೆಗಾರ ಎಲ್.ಕೆ. ಅತೀಕ್, ಮುಖ್ಯಮಂತ್ರಿ ಅವರ ಅಪರ ಮುಖ್ಯ ಕಾರ್ಯದರ್ಶಿ ಮಹಾಂತೇಶ ಬೀಳಗಿ, ಕೈಗಾರಿಕಾ ಇಲಾಖೆ ಅಪರ ಮುಖ್ಯ ಕಾರ್ಯದರ್ಶಿ ರಜನೀಶ್ ಗೋಯಲ್ ಸೇರಿದಂತೆ ವಿವಿಧ ಕೈಗಾರಿಕಾ ಸಂಸ್ಥೆಗಳ ಪ್ರತಿನಿಧಿಗಳು ಉಪಸ್ಥಿತರಿದ್ದರು.
ಕನ್ನಡಿಗರದ್ದೇಲ್ಲೆ ಸಚಿವ ಸ್ಥಾನಕ್ಕೆ ರಾಜೀನಾಮೆ ಸಲ್ಲಿಸಿದ ಬಿ.ನಾಗೇಂದ್ರ
ನಾಗೇಂದ್ರ ರಾಜೀನಾಮೆ ಬಳಿಕ ಪ್ರತಿಪಕ್ಷಗಳು ವಿಧಾನಸಭೆ ಹಾಗೂ ವಿಧಾನ ಪರಿಷತ್‌ನಲ್ಲಿ ಪ್ರಬಲವಾಗಿ ಹೋರಾಟ ನಡೆಸಿದ್ದವು. ಈ ವಿಚಾರದಲ್ಲಿ ಸರ್ಕಾರ ತೀವ್ರ ಮುಜುಗರಕ್ಕೆ ಒಳಗಾಗಿತ್ತು. ಪ್ರಕರಣದ ತನಿಖೆ ನಡೆಸಲು ಎಸ್ಐಟಿ ರಚಿಸಲಾಗಿದ್ದು, ಜಾರಿ ನಿರ್ದೇಶನಾಲಯ ಸಹ ತನಿಖೆ ಕೈಗೆತ್ತಿಕೊಂಡಿತ್ತು. ಅಕ್ರಮ ಹಣ ವರ್ಗಾವಣೆ ಪ್ರಕರಣದಲ್ಲಿ ನಾಗೇಂದ್ರ ಅವರನ್ನು ಬಂಧಿಸಲಾಗಿತ್ತು. ಬಳಿಕ ಅವರು ಜಾಮೀನಿನ ಮೇಲೆ ಬಿಡುಗಡೆಯಾಗಿದ್ದರು. ಇದೀಗ ನೈತಿಕ ಹೊಣೆ ಹೊತ್ತು ಸಚಿವ ಸ್ಥಾನಕ್ಕೆ ರಾಜೀನಾಮೆ ನೀಡಿದ್ದಾರೆ. ಆಗಸ್ಟ್ 26ರಂದು ರಾಜೀನಾಮೆ ಪತ್ರವನ್ನು ಮುಖ್ಯಮಂತ್ರಿಗಳಿಗೆ ಸಲ್ಲಿಸಿದ್ದು, ಅದನ್ನು ರಾಜ್ಯಪಾಲರಿಗೆ ರವಾನಿಸಲಾಗಿದೆ. ಅವರ ಖಾತೆಗಳನ್ನು ಮುಖ್ಯಮಂತ್ರಿಗಳೇ ತಾತ್ಕಾಲಿಕವಾಗಿ ನಿರ್ವಹಿಸಲಿದ್ದಾರೆ ಎಂದು ಮೂಲಗಳು ತಿಳಿಸಿವೆ.
ಆರು ವರ್ಷಗಳ ಬಳಿಕ ಧಾರವಾಡಕ್ಕೆ ವಿನಯ್ ಕುಲಕರ್ಣಿ ಭೇಟಿ
ವಿನಯ್ ಕುಲಕರ್ಣಿ ಅವರನ್ನು ಕಾರ್ಯಕರ್ತರು ಅದ್ದೂರಿಯಾಗಿ ಬರಮಾಡಿಕೊಂಡರು. ಈ ವೇಳೆ ಕಾರ್ಯಕರ್ತರಲ್ಲಿ ಸಂಭ್ರಮದ ವಾತಾವರಣ ಕಂಡುಬಂತು. ಬಳಿಕ ಮಾತನಾಡಿದ ಅವರು, ಆರು ವರ್ಷಗಳ ಬಳಿಕ ತವರು ಜಿಲ್ಲೆಗೆ ಆಗಮಿಸಿರುವುದು ಸಂತಸ ತಂದಿದೆ. ನ್ಯಾಯಾಲಯದ ಆದೇಶದಂತೆ ಧಾರವಾಡ ಜಿಲ್ಲೆ ಪ್ರವೇಶಕ್ಕೆ ನಿರ್ಬಂಧ ಇತ್ತು. ಈಗ ಅನುಮತಿ ಸಿಕ್ಕಿರುವುದರಿಂದ ಕ್ಷೇತ್ರದ ಜನರ ಸೇವೆಗೆ ಮರಳಿದ್ದೇನೆ. ಕ್ಷೇತ್ರದ ಅಭಿವೃದ್ಧಿಗೆ ಶ್ರಮಿಸುತ್ತೇನೆ ಎಂದರು. ಮೆರವಣಿಗೆಯಲ್ಲಿ ಪಕ್ಷದ ಮುಖಂಡರು, ಕಾರ್ಯಕರ್ತರು, ಅಭಿಮಾನಿಗಳು ಪಾಲ್ಗೊಂಡಿದ್ದರು. ಪಟಾಕಿ ಸಿಡಿಸಿ ಸಿಹಿ ಹಂಚಿ ಸಂಭ್ರಮಿಸಿದರು. ಶಾಸಕರಾದ ಪ್ರಸಾದ ಅಬ್ಬಯ್ಯ, ಎನ್.ಎಚ್. ಕೋನರಡ್ಡಿ, ಮಾಜಿ ಶಾಸಕರು ಹಾಗೂ ಕಾಂಗ್ರೆಸ್ ಮುಖಂಡರು ಉಪಸ್ಥಿತರಿದ್ದರು.
ಸಚಿವ ಸ್ಥಾನಕ್ಕೆ ಯಾರ ಮೇಲೂ ನಾನು ಒತ್ತಡ ಹಾಕಲ್ಲ
ನನಗೆ ಮೂರು ಬಾರಿ ಅವಕಾಶ ಕೊಟ್ಟಿದ್ದಕ್ಕೆ ಅವರಿಗೆ ಧನ್ಯವಾದ ಹೇಳುತ್ತೇನೆ. ಆದರೆ ಈ ಬಾರಿ ಮುಂದಿನ ದಿನಗಳಲ್ಲಿ ತಮ್ಮ ರಾಜಕೀಯ ಚಟುವಟಿಕೆಗಳ ಕೇಂದ್ರ ಬೆಳಗಾವಿ ಗ್ರಾಮೀಣ ಮತ್ತು ಬೆಳಗಾವಿ ಜಿಲ್ಲೆಗೆ ಮಾತ್ರ ಸೀಮಿತವಾಗಿರುತ್ತದೆ. ರಾಜ್ಯಾದ್ಯಂತ ಪಕ್ಷ ಸಂಘಟನೆಗೆ ಶ್ರಮಿಸುತ್ತೇನೆ. ಪಕ್ಷ ಯಾವುದೇ ಜವಾಬ್ದಾರಿ ನೀಡಿದರೂ ಅದನ್ನು ಅಚ್ಚುಕಟ್ಟಾಗಿ ನಿರ್ವಹಿಸುತ್ತೇನೆ. ನಾನು ಪಕ್ಷದ ನಿಷ್ಠಾವಂತ ಕಾರ್ಯಕರ್ತೆ. ತಮ್ಮ ವಿರುದ್ಧ ಕೇಳಿಬಂದಿರುವ 5 ಸಾವಿರ ಕೋಟಿ ರೂಪಾಯಿ ಆರೋಪಕ್ಕೆ ಪ್ರತಿಕ್ರಿಯಿಸಿದ ಲಕ್ಷ್ಮೀ ಹೆಬ್ಬಾಳ್ಕರ್, ಹತ್ತು ಸಾವಿರ ಕೋಟಿ ರೂಪಾಯಿ ಆರೋಪ ಮಾಡಲಿ. ಆಗ ನಾನು ಉತ್ತರ ಕೊಡುತ್ತೇನೆ ಎಂದು ತಿರುಗೇಟು ನೀಡಿದರು. ಅಧಿಕಾರ ಶಾಶ್ವತವಲ್ಲ, ಜನರ ಪ್ರೀತಿ ಶಾಶ್ವತ. ಜನರ ಸೇವೆಯೇ ನನ್ನ ಗುರಿ. ನನ್ನ ಕ್ಷೇತ್ರದ ಜನರ ಆಶೀರ್ವಾದ ಇರುವವರೆಗೂ ರಾಜಕೀಯದಲ್ಲಿ ಇರುತ್ತೇನೆ ಎಂದು ಹೇಳಿದರು.
ಅಗತ್ಯ ವಸ್ತುಗಳ ಬೆಲೆ ಸ್ಥಿರತೆಗೆ ಮುಂದಾದ ಕೇಂದ್ರ
ನಾಫೆಡ್ ಬಫರ್ ಸ್ಟಾಕ್ ನಿರ್ವಹಣೆ ಮತ್ತು ಸಮರ್ಪಕ ವಿತರಣೆಗೆ ಕ್ರಮ ಕೈಗೊಳ್ಳಲಾಗಿದೆ. 2026-27ನೇ ಸಾಲಿನ ಬೆಲೆ ಸ್ಥಿರೀಕರಣ ನಿಧಿ ಬಫರ್‌ಗಾಗಿ 2 ಲಕ್ಷ ಮೆಟ್ರಿಕ್ ಟನ್ ಈರುಳ್ಳಿ ಖರೀದಿಸುವ ಗುರಿಯನ್ನು ನಿಗದಿಪಡಿಸಲಾಗಿದೆ. ಈ ಪೈಕಿ NAFED ಮತ್ತು NCCF ಮೂಲಕ ಈಗಾಗಲೇ 1.21 ಲಕ್ಷ ಮೆಟ್ರಿಕ್ ಟನ್ ಖರೀದಿ ಪೂರ್ಣಗೊಂಡಿದೆ. ಕೇಂದ್ರೀಯ ಭಂಡಾರ್, NCCF, NAFED ಹಾಗೂ ರಿಟೇಲ್ ಮಳಿಗೆಗಳ ಮೂಲಕ ಸಬ್ಸಿಡಿ ದರದಲ್ಲಿ ಮಾರಾಟ ಆರಂಭಿಸಲಾಗಿದೆ. ದೇಶದ 122 ನಗರಗಳಲ್ಲಿ ಮತ್ತು 90 ಮೊಬೈಲ್ ವ್ಯಾನ್‌ಗಳ ಮೂಲಕ ಮಾರಾಟ ಮಾಡಲಾಗುತ್ತಿದೆ. ಕಾಂದಾ ಎಕ್ಸ್‌ಪ್ರೆಸ್ ರೈಲಿನ ಮೂಲಕ ದೆಹಲಿ, ಚೆನ್ನೈ, ಕೋಲ್ಕತ್ತಾ, ಗುವಾಹಟಿ ನಗರಗಳಿಗೆ ಸಾಗಿಸಲಾಗಿದೆ. ದೇಶಾದ್ಯಂತ 579 ಕೇಂದ್ರಗಳಲ್ಲಿ ಗ್ರಾಹಕ ವ್ಯವಹಾರಗಳ ಇಲಾಖೆ ಬೆಲೆ ಮೇಲ್ವಿಚಾರಣೆ ನಡೆಸುತ್ತಿದ್ದು, ಪ್ರತಿದಿನ 22 ಅಗತ್ಯ ವಸ್ತುಗಳ ಬೆಲೆಯನ್ನು ದಾಖಲಿಸಲಾಗುತ್ತಿದೆ. ಬೆಲೆಯಲ್ಲಿ ಅಸಹಜ ಏರಿಕೆ ಕಂಡುಬಂದಲ್ಲಿ ತಕ್ಷಣ ಮಾರುಕಟ್ಟೆ ಹಸ್ತಕ್ಷೇಪ ನಡೆಸಲಾಗುವುದು. ಗ್ರಾಹಕರ ಹಿತ ಕಾಪಾಡಲು ಕೇಂದ್ರ ಸರ್ಕಾರ ಬದ್ಧವಾಗಿದೆ.
175 ತಾಲೂಕು ಬರಪೀಡಿತ ಎಂದು ಘೋಷಿಸಿ, ರೈತರ ಸಾಲ ಮನ್ನಾ ಮಾಡಿ
ರಾಜ್ಯದ ಹಲವು ಜಿಲ್ಲೆಗಳಲ್ಲಿ ಮುಂಗಾರು ಮಳೆ ಕೊರತೆಯಿಂದಾಗಿ ಬೆಳೆ ನಷ್ಟ ಉಂಟಾಗಿದೆ. ರೈತರು ಸಂಕಷ್ಟದಲ್ಲಿದ್ದಾರೆ. ಕೂಡಲೇ ಸರ್ಕಾರ 175 ತಾಲೂಕುಗಳನ್ನು ಬರಪೀಡಿತ ಎಂದು ಘೋಷಿಸಬೇಕು. ರೈತರ ಸಾಲ ಮನ್ನಾ ಮಾಡಬೇಕು ಎಂದು ಒತ್ತಾಯಿಸಿದರು. ಬಿತ್ತನೆ ಮಾಡಿದ ಬೆಳೆಗಳು ಒಣಗುತ್ತಿವೆ. ಕುಡಿಯುವ ನೀರಿನ ಸಮಸ್ಯೆ ತಲೆದೋರಿದೆ. ಜಾನುವಾರುಗಳಿಗೆ ಮೇವಿನ ಕೊರತೆ ಎದುರಾಗಿದೆ. ಸರ್ಕಾರ ತಕ್ಷಣ ಮೇವು ಬ್ಯಾಂಕ್ ಹಾಗೂ ಗೋಶಾಲೆ ಆರಂಭಿಸಬೇಕು. ಉದ್ಯೋಗ ಖಾತ್ರಿ ಯೋಜನೆಯಡಿ ಕೆಲಸದ ದಿನಗಳನ್ನು ಹೆಚ್ಚಿಸಬೇಕು. ಬೆಳೆ ವಿಮೆ ಪರಿಹಾರ ಶೀಘ್ರ ಬಿಡುಗಡೆ ಮಾಡಬೇಕು ಎಂದು ಆಗ್ರಹಿಸಿದರು. ಈ ಸಂದರ್ಭದಲ್ಲಿ ರೈತ ಸಂಘದ ಮುಖಂಡರು ಉಪಸ್ಥಿತರಿದ್ದರು.
